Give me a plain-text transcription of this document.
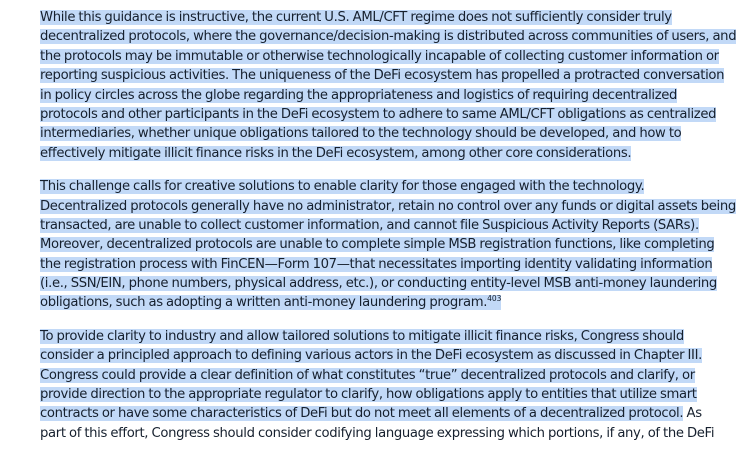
While this guidance is instructive, the current U.S. AML/CFT regime does not sufficiently consider truly
decentralized protocols, where the governance/decision-making is distributed across communities of users, and
the protocols may be immutable or otherwise technologically incapable of collecting customer information or
reporting suspicious activities. The uniqueness of the DeFi ecosystem has propelled a protracted conversation
in policy circles across the globe regarding the appropriateness and logistics of requiring decentralized
protocols and other participants in the DeFi ecosystem to adhere to same AML/CFT obligations as centralized
intermediaries, whether unique obligations tailored to the technology should be developed, and how to
effectively mitigate illicit finance risks in the DeFi ecosystem, among other core considerations.

This challenge calls for creative solutions to enable clarity for those engaged with the technology.
Decentralized protocols generally have no administrator, retain no control over any funds or digital assets being
transacted, are unable to collect customer information, and cannot file Suspicious Activity Reports (SARs).
Moreover, decentralized protocols are unable to complete simple MSB registration functions, like completing
the registration process with FinCEN—Form 107—that necessitates importing identity validating information
(i.e., SSN/EIN, phone numbers, physical address, etc.), or conducting entity-level MSB anti-money laundering
obligations, such as adopting a written anti-money laundering program.$^{403}$

To provide clarity to industry and allow tailored solutions to mitigate illicit finance risks, Congress should
consider a principled approach to defining various actors in the DeFi ecosystem as discussed in Chapter III.
Congress could provide a clear definition of what constitutes “true” decentralized protocols and clarify, or
provide direction to the appropriate regulator to clarify, how obligations apply to entities that utilize smart
contracts or have some characteristics of DeFi but do not meet all elements of a decentralized protocol. As
part of this effort, Congress should consider codifying language expressing which portions, if any, of the DeFi
